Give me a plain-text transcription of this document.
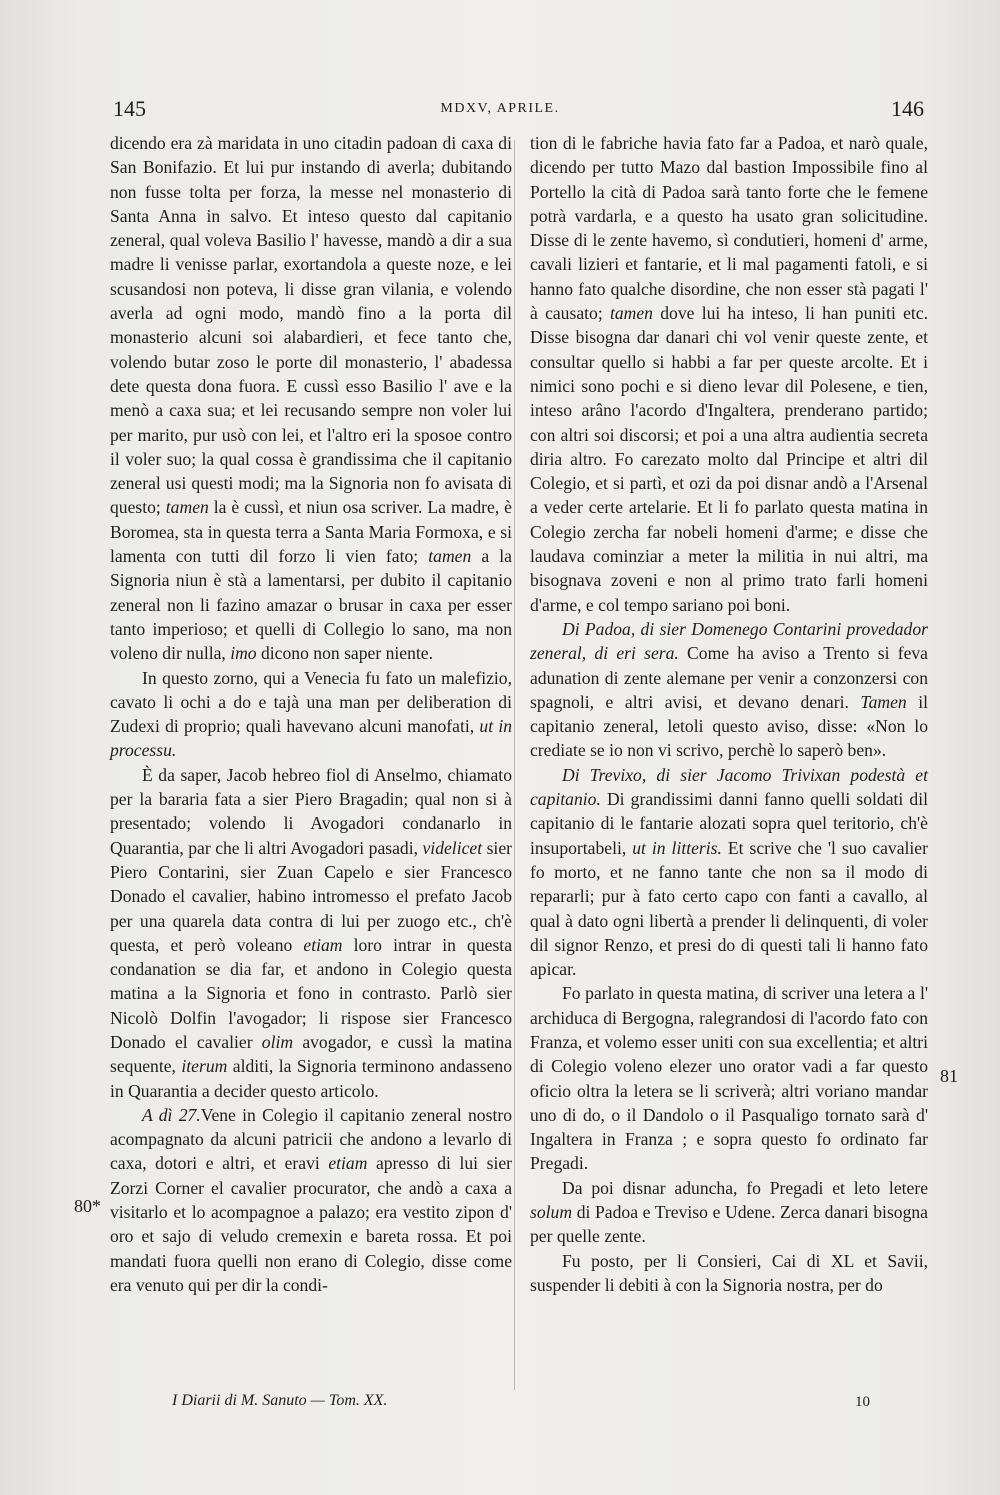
145	MDXV, APRILE.	146

dicendo era zà maridata in uno citadin padoan di caxa di San Bonifazio. Et lui pur instando di averla; dubitando non fusse tolta per forza, la messe nel monasterio di Santa Anna in salvo. Et inteso questo dal capitanio zeneral, qual voleva Basilio l' havesse, mandò a dir a sua madre li venisse parlar, exortandola a queste noze, e lei scusandosi non poteva, li disse gran vilania, e volendo averla ad ogni modo, mandò fino a la porta dil monasterio alcuni soi alabardieri, et fece tanto che, volendo butar zoso le porte dil monasterio, l' abadessa dete questa dona fuora. E cussì esso Basilio l' ave e la menò a caxa sua; et lei recusando sempre non voler lui per marito, pur usò con lei, et l'altro eri la sposoe contro il voler suo; la qual cossa è grandissima che il capitanio zeneral usi questi modi; ma la Signoria non fo avisata di questo; tamen la è cussì, et niun osa scriver. La madre, è Boromea, sta in questa terra a Santa Maria Formoxa, e si lamenta con tutti dil forzo li vien fato; tamen a la Signoria niun è stà a lamentarsi, per dubito il capitanio zeneral non li fazino amazar o brusar in caxa per esser tanto imperioso; et quelli di Collegio lo sano, ma non voleno dir nulla, imo dicono non saper niente.

In questo zorno, qui a Venecia fu fato un malefizio, cavato li ochi a do e tajà una man per deliberation di Zudexi di proprio; quali havevano alcuni manofati, ut in processu.

È da saper, Jacob hebreo fiol di Anselmo, chiamato per la bararia fata a sier Piero Bragadin; qual non si à presentado; volendo li Avogadori condanarlo in Quarantia, par che li altri Avogadori pasadi, videlicet sier Piero Contarini, sier Zuan Capelo e sier Francesco Donado el cavalier, habino intromesso el prefato Jacob per una quarela data contra di lui per zuogo etc., ch'è questa, et però voleano etiam loro intrar in questa condanation se dia far, et andono in Colegio questa matina a la Signoria et fono in contrasto. Parlò sier Nicolò Dolfin l'avogador; li rispose sier Francesco Donado el cavalier olim avogador, e cussì la matina sequente, iterum alditi, la Signoria terminono andasseno in Quarantia a decider questo articolo.

A dì 27.Vene in Colegio il capitanio zeneral nostro acompagnato da alcuni patricii che andono a levarlo di caxa, dotori e altri, et eravi etiam apresso di lui sier Zorzi Corner el cavalier procurator, che andò a caxa a visitarlo et lo acompagnoe a palazo; era vestito zipon d' oro et sajo di veludo cremexin e bareta rossa. Et poi mandati fuora quelli non erano di Colegio, disse come era venuto qui per dir la condi-

tion di le fabriche havia fato far a Padoa, et narò quale, dicendo per tutto Mazo dal bastion Impossibile fino al Portello la cità di Padoa sarà tanto forte che le femene potrà vardarla, e a questo ha usato gran solicitudine. Disse di le zente havemo, sì condutieri, homeni d' arme, cavali lizieri et fantarie, et li mal pagamenti fatoli, e si hanno fato qualche disordine, che non esser stà pagati l' à causato; tamen dove lui ha inteso, li han puniti etc. Disse bisogna dar danari chi vol venir queste zente, et consultar quello si habbi a far per queste arcolte. Et i nimici sono pochi e si dieno levar dil Polesene, e tien, inteso arâno l'acordo d'Ingaltera, prenderano partido; con altri soi discorsi; et poi a una altra audientia secreta diria altro. Fo carezato molto dal Principe et altri dil Colegio, et si partì, et ozi da poi disnar andò a l'Arsenal a veder certe artelarie. Et li fo parlato questa matina in Colegio zercha far nobeli homeni d'arme; e disse che laudava cominziar a meter la militia in nui altri, ma bisognava zoveni e non al primo trato farli homeni d'arme, e col tempo sariano poi boni.

Di Padoa, di sier Domenego Contarini provedador zeneral, di eri sera. Come ha aviso a Trento si feva adunation di zente alemane per venir a conzonzersi con spagnoli, e altri avisi, et devano denari. Tamen il capitanio zeneral, letoli questo aviso, disse: «Non lo crediate se io non vi scrivo, perchè lo saperò ben».

Di Trevixo, di sier Jacomo Trivixan podestà et capitanio. Di grandissimi danni fanno quelli soldati dil capitanio di le fantarie alozati sopra quel teritorio, ch'è insuportabeli, ut in litteris. Et scrive che 'l suo cavalier fo morto, et ne fanno tante che non sa il modo di repararli; pur à fato certo capo con fanti a cavallo, al qual à dato ogni libertà a prender li delinquenti, di voler dil signor Renzo, et presi do di questi tali li hanno fato apicar.

Fo parlato in questa matina, di scriver una letera a l' archiduca di Bergogna, ralegrandosi di l'acordo fato con Franza, et volemo esser uniti con sua excellentia; et altri di Colegio voleno elezer uno orator vadi a far questo oficio oltra la letera se li scriverà; altri voriano mandar uno di do, o il Dandolo o il Pasqualigo tornato sarà d' Ingaltera in Franza ; e sopra questo fo ordinato far Pregadi.

Da poi disnar aduncha, fo Pregadi et leto letere solum di Padoa e Treviso e Udene. Zerca danari bisogna per quelle zente.

Fu posto, per li Consieri, Cai di XL et Savii, suspender li debiti à con la Signoria nostra, per do

80*
81
I Diarii di M. Sanuto — Tom. XX.	10
